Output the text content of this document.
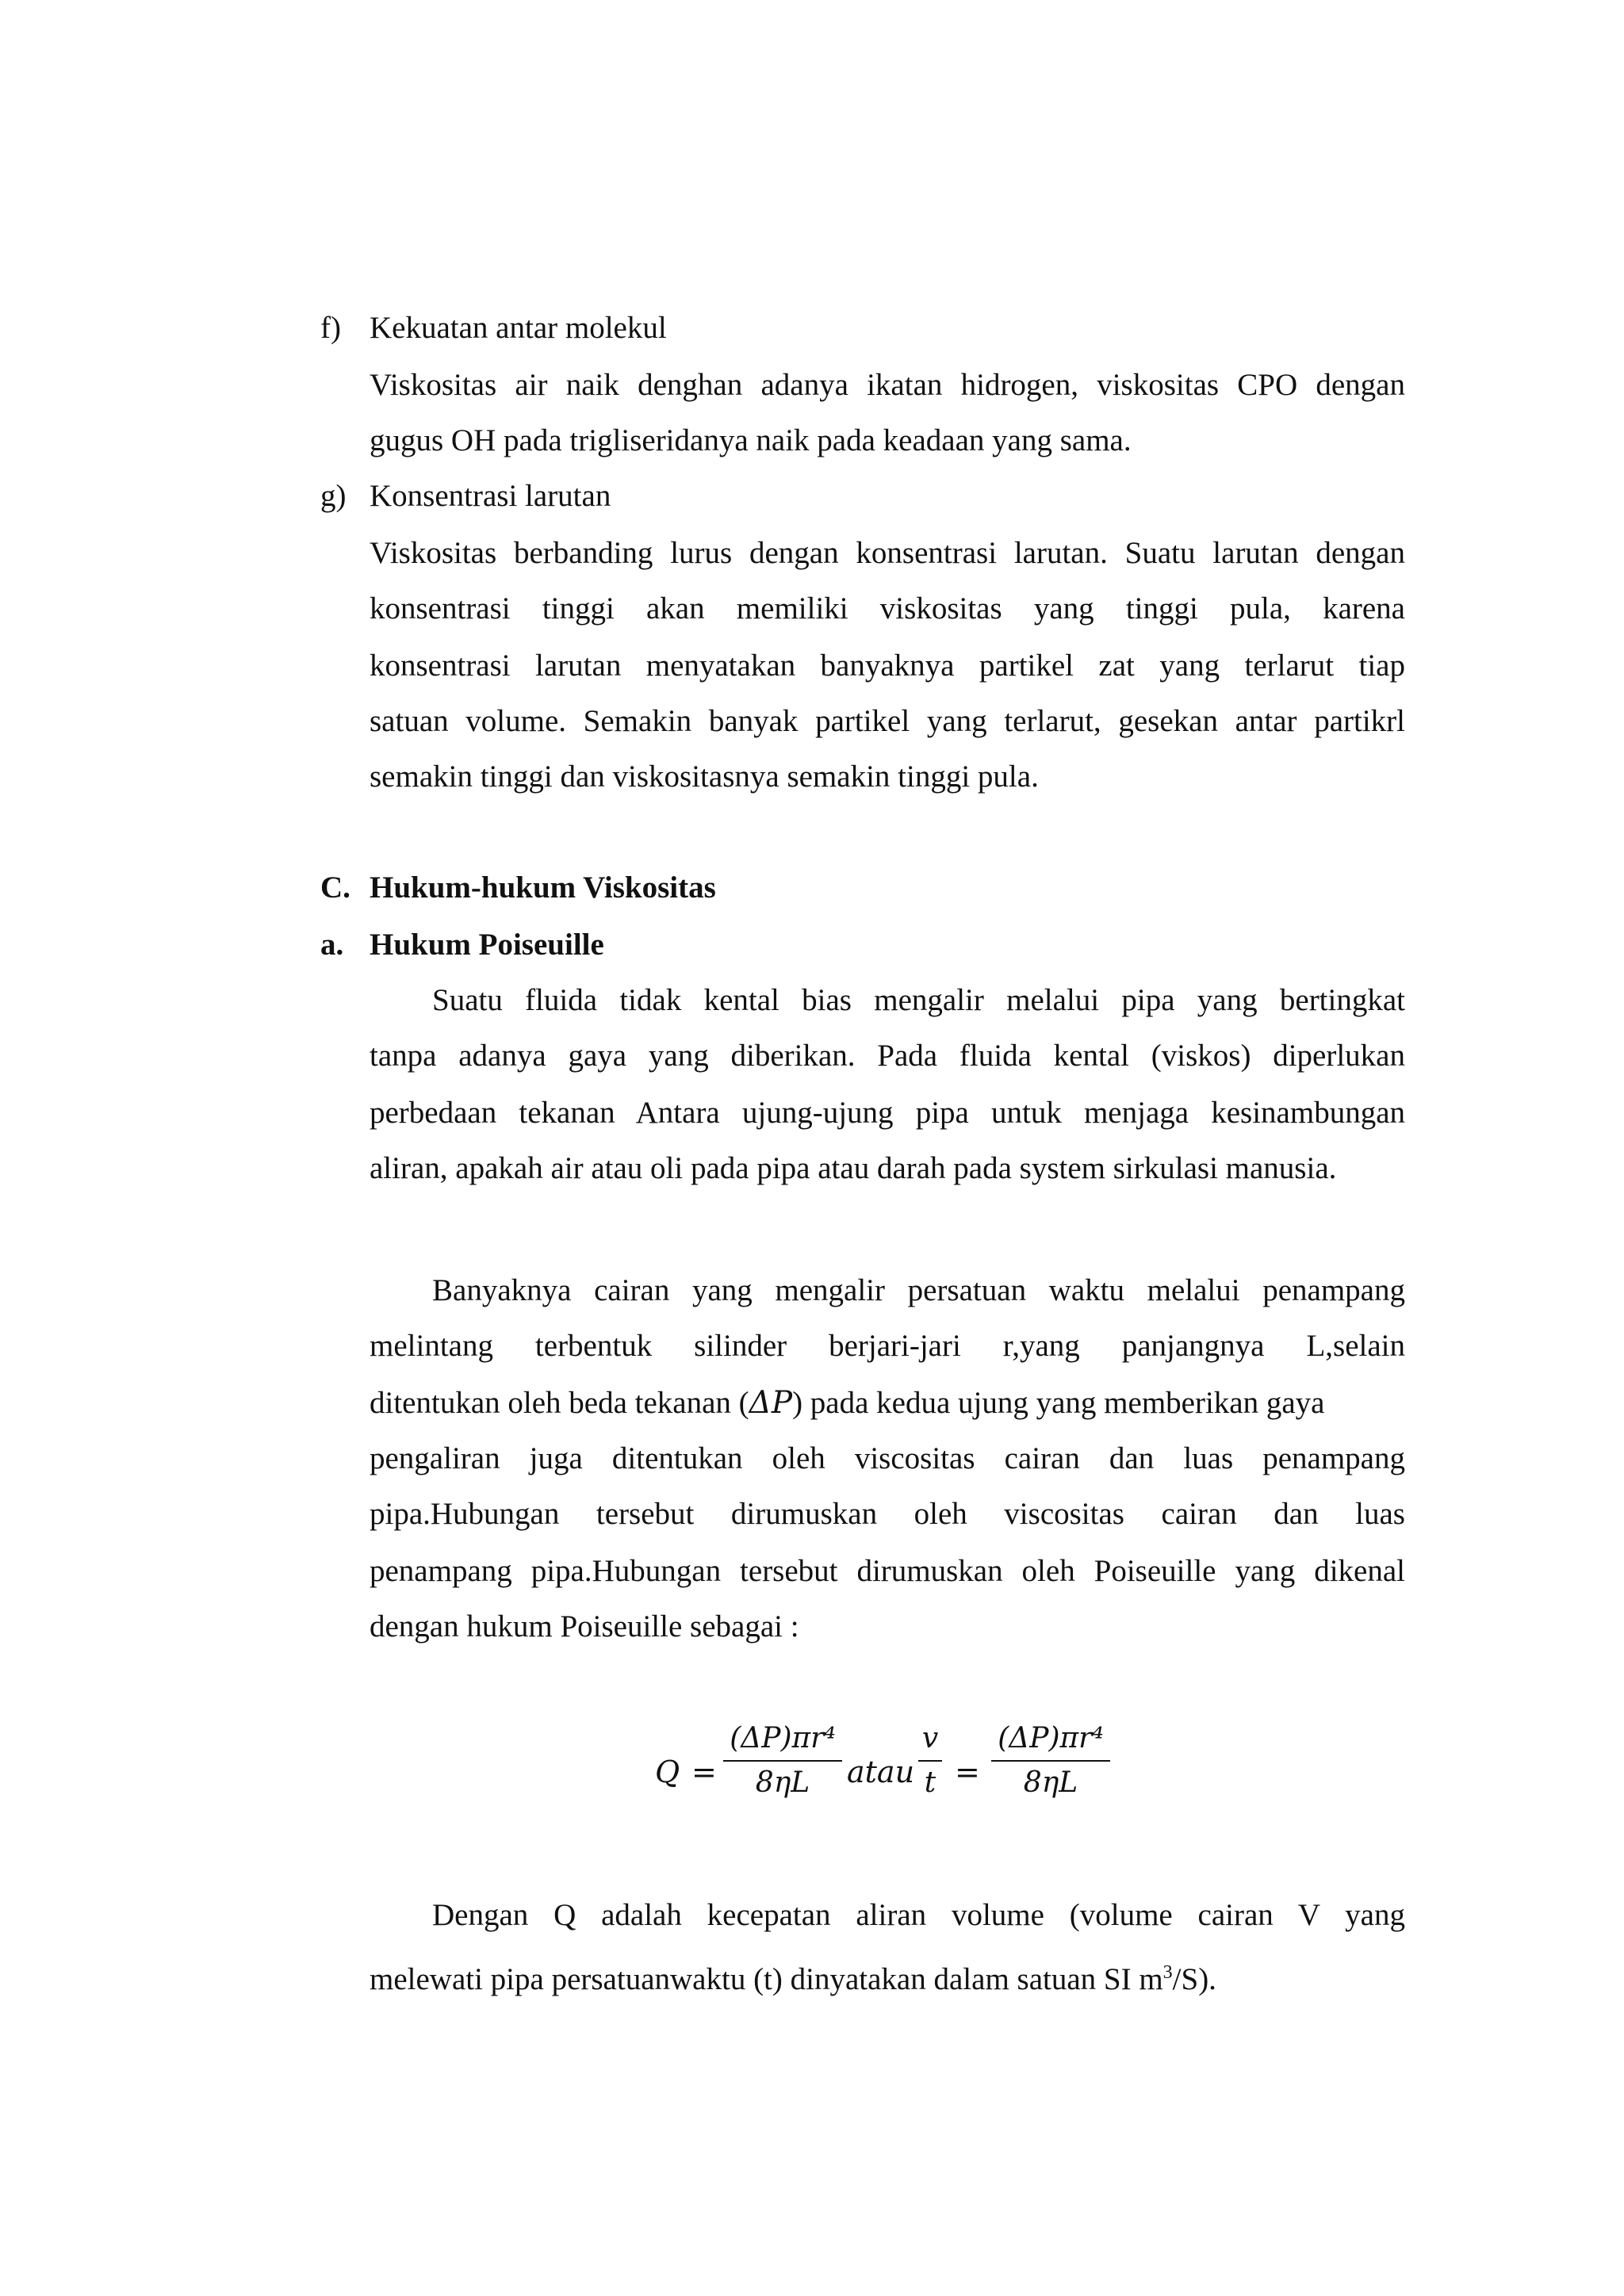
f) Kekuatan antar molekul
Viskositas air naik denghan adanya ikatan hidrogen, viskositas CPO dengan
gugus OH pada trigliseridanya naik pada keadaan yang sama.
g) Konsentrasi larutan
Viskositas berbanding lurus dengan konsentrasi larutan. Suatu larutan dengan
konsentrasi tinggi akan memiliki viskositas yang tinggi pula, karena
konsentrasi larutan menyatakan banyaknya partikel zat yang terlarut tiap
satuan volume. Semakin banyak partikel yang terlarut, gesekan antar partikrl
semakin tinggi dan viskositasnya semakin tinggi pula.
C. Hukum-hukum Viskositas
a. Hukum Poiseuille
Suatu fluida tidak kental bias mengalir melalui pipa yang bertingkat
tanpa adanya gaya yang diberikan. Pada fluida kental (viskos) diperlukan
perbedaan tekanan Antara ujung-ujung pipa untuk menjaga kesinambungan
aliran, apakah air atau oli pada pipa atau darah pada system sirkulasi manusia.
Banyaknya cairan yang mengalir persatuan waktu melalui penampang
melintang terbentuk silinder berjari-jari r,yang panjangnya L,selain
ditentukan oleh beda tekanan (ΔP) pada kedua ujung yang memberikan gaya
pengaliran juga ditentukan oleh viscositas cairan dan luas penampang
pipa.Hubungan tersebut dirumuskan oleh viscositas cairan dan luas
penampang pipa.Hubungan tersebut dirumuskan oleh Poiseuille yang dikenal
dengan hukum Poiseuille sebagai :
Q =
(ΔP)πr⁴
8ηL	atau
v
t =
(ΔP)πr⁴
8ηL
Dengan Q adalah kecepatan aliran volume (volume cairan V yang
melewati pipa persatuanwaktu (t) dinyatakan dalam satuan SI $m^3/S$).
